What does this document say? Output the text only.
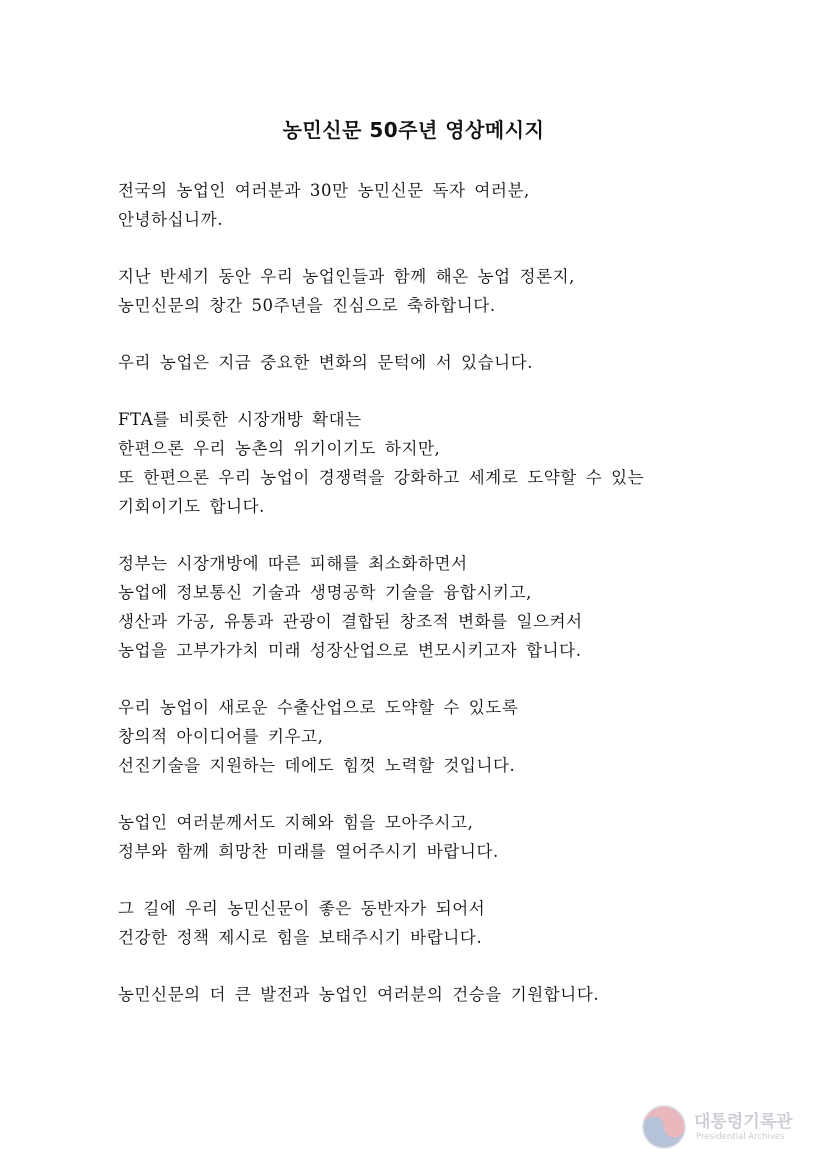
농민신문 50주년 영상메시지

전국의 농업인 여러분과 30만 농민신문 독자 여러분,
안녕하십니까.

지난 반세기 동안 우리 농업인들과 함께 해온 농업 정론지,
농민신문의 창간 50주년을 진심으로 축하합니다.

우리 농업은 지금 중요한 변화의 문턱에 서 있습니다.

FTA를 비롯한 시장개방 확대는
한편으론 우리 농촌의 위기이기도 하지만,
또 한편으론 우리 농업이 경쟁력을 강화하고 세계로 도약할 수 있는
기회이기도 합니다.

정부는 시장개방에 따른 피해를 최소화하면서
농업에 정보통신 기술과 생명공학 기술을 융합시키고,
생산과 가공, 유통과 관광이 결합된 창조적 변화를 일으켜서
농업을 고부가가치 미래 성장산업으로 변모시키고자 합니다.

우리 농업이 새로운 수출산업으로 도약할 수 있도록
창의적 아이디어를 키우고,
선진기술을 지원하는 데에도 힘껏 노력할 것입니다.

농업인 여러분께서도 지혜와 힘을 모아주시고,
정부와 함께 희망찬 미래를 열어주시기 바랍니다.

그 길에 우리 농민신문이 좋은 동반자가 되어서
건강한 정책 제시로 힘을 보태주시기 바랍니다.

농민신문의 더 큰 발전과 농업인 여러분의 건승을 기원합니다.

대통령기록관
Presidential Archives
